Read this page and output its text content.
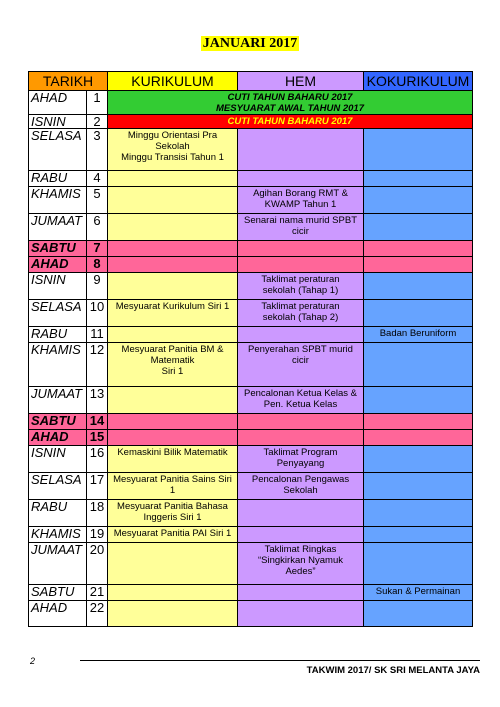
JANUARI 2017
TARIKH		KURIKULUM	HEM	KOKURIKULUM

AHAD	1	CUTI TAHUN BAHARU 2017
MESYUARAT AWAL TAHUN 2017		

ISNIN	2	CUTI TAHUN BAHARU 2017		

SELASA	3	Minggu Orientasi Pra
Sekolah
Minggu Transisi Tahun 1		

RABU	4			

KHAMIS	5		Agihan Borang RMT &
KWAMP Tahun 1	

JUMAAT	6		Senarai nama murid SPBT
cicir	

SABTU	7			

AHAD	8			

ISNIN	9		Taklimat peraturan
sekolah (Tahap 1)	

SELASA	10	Mesyuarat Kurikulum Siri 1	Taklimat peraturan
sekolah (Tahap 2)	

RABU	11			Badan Beruniform

KHAMIS	12	Mesyuarat Panitia BM &
Matematik
Siri 1	Penyerahan SPBT murid
cicir	

JUMAAT	13		Pencalonan Ketua Kelas &
Pen. Ketua Kelas	

SABTU	14			

AHAD	15			

ISNIN	16	Kemaskini Bilik Matematik	Taklimat Program
Penyayang	

SELASA	17	Mesyuarat Panitia Sains Siri
1	Pencalonan Pengawas
Sekolah	

RABU	18	Mesyuarat Panitia Bahasa
Inggeris Siri 1		

KHAMIS	19	Mesyuarat Panitia PAI Siri 1		

JUMAAT	20		Taklimat Ringkas
“Singkirkan Nyamuk
Aedes”	

SABTU	21			Sukan & Permainan

AHAD	22			

2
TAKWIM 2017/ SK SRI MELANTA JAYA
